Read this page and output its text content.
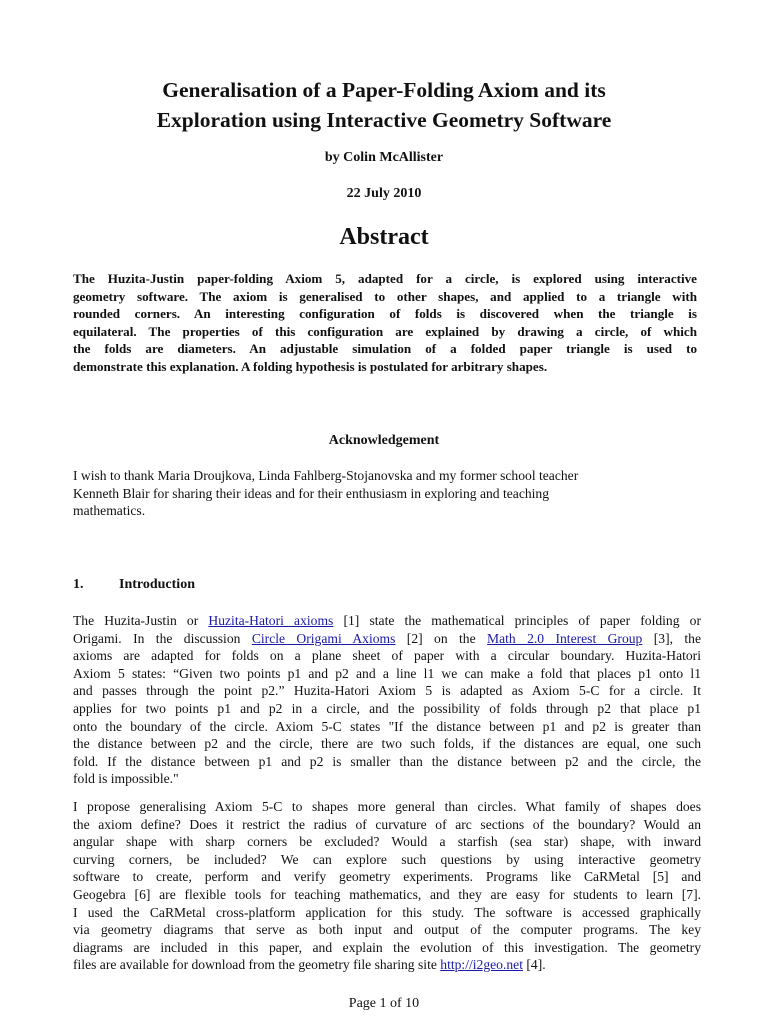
Generalisation of a Paper-Folding Axiom and its
Exploration using Interactive Geometry Software
by Colin McAllister
22 July 2010
Abstract
The Huzita-Justin paper-folding Axiom 5, adapted for a circle, is explored using interactive
geometry software. The axiom is generalised to other shapes, and applied to a triangle with
rounded corners. An interesting configuration of folds is discovered when the triangle is
equilateral. The properties of this configuration are explained by drawing a circle, of which
the folds are diameters. An adjustable simulation of a folded paper triangle is used to
demonstrate this explanation. A folding hypothesis is postulated for arbitrary shapes.
Acknowledgement
I wish to thank Maria Droujkova, Linda Fahlberg-Stojanovska and my former school teacher
Kenneth Blair for sharing their ideas and for their enthusiasm in exploring and teaching
mathematics.
1.	Introduction
The Huzita-Justin or Huzita-Hatori axioms [1] state the mathematical principles of paper folding or
Origami. In the discussion Circle Origami Axioms [2] on the Math 2.0 Interest Group [3], the
axioms are adapted for folds on a plane sheet of paper with a circular boundary. Huzita-Hatori
Axiom 5 states: “Given two points p1 and p2 and a line l1 we can make a fold that places p1 onto l1
and passes through the point p2.” Huzita-Hatori Axiom 5 is adapted as Axiom 5-C for a circle. It
applies for two points p1 and p2 in a circle, and the possibility of folds through p2 that place p1
onto the boundary of the circle. Axiom 5-C states "If the distance between p1 and p2 is greater than
the distance between p2 and the circle, there are two such folds, if the distances are equal, one such
fold. If the distance between p1 and p2 is smaller than the distance between p2 and the circle, the
fold is impossible."
I propose generalising Axiom 5-C to shapes more general than circles. What family of shapes does
the axiom define? Does it restrict the radius of curvature of arc sections of the boundary? Would an
angular shape with sharp corners be excluded? Would a starfish (sea star) shape, with inward
curving corners, be included? We can explore such questions by using interactive geometry
software to create, perform and verify geometry experiments. Programs like CaRMetal [5] and
Geogebra [6] are flexible tools for teaching mathematics, and they are easy for students to learn [7].
I used the CaRMetal cross-platform application for this study. The software is accessed graphically
via geometry diagrams that serve as both input and output of the computer programs. The key
diagrams are included in this paper, and explain the evolution of this investigation. The geometry
files are available for download from the geometry file sharing site http://i2geo.net [4].
Page 1 of 10
